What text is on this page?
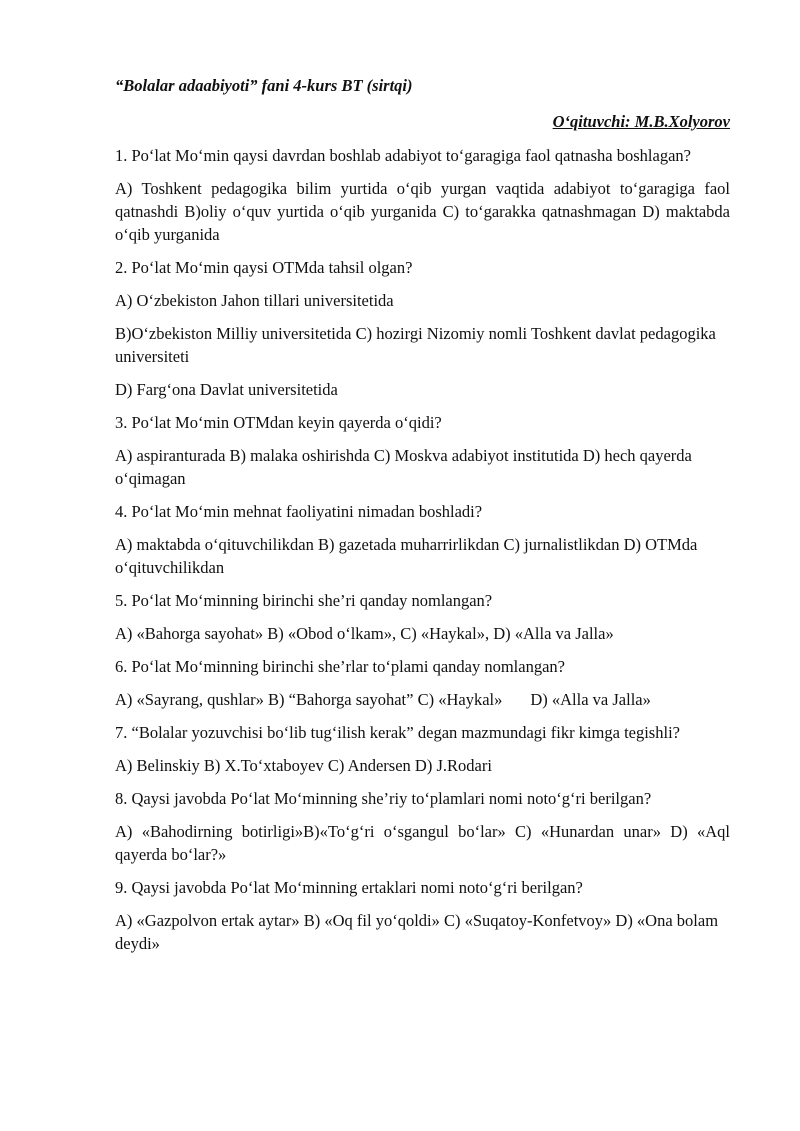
“Bolalar adaabiyoti” fani 4-kurs BT (sirtqi)

O‘qituvchi: M.B.Xolyorov

1. Po‘lat Mo‘min qaysi davrdan boshlab adabiyot to‘garagiga faol qatnasha boshlagan?

A) Toshkent pedagogika bilim yurtida o‘qib yurgan vaqtida adabiyot to‘garagiga faol qatnashdi B)oliy o‘quv yurtida o‘qib yurganida C) to‘garakka qatnashmagan D) maktabda o‘qib yurganida

2. Po‘lat Mo‘min qaysi OTMda tahsil olgan?

A) O‘zbekiston Jahon tillari universitetida

B)O‘zbekiston Milliy universitetida C) hozirgi Nizomiy nomli Toshkent davlat pedagogika universiteti

D) Farg‘ona Davlat universitetida

3. Po‘lat Mo‘min OTMdan keyin qayerda o‘qidi?

A) aspiranturada B) malaka oshirishda C) Moskva adabiyot institutida D) hech qayerda o‘qimagan

4. Po‘lat Mo‘min mehnat faoliyatini nimadan boshladi?

A) maktabda o‘qituvchilikdan B) gazetada muharrirlikdan C) jurnalistlikdan D) OTMda o‘qituvchilikdan

5. Po‘lat Mo‘minning birinchi she’ri qanday nomlangan?

A) «Bahorga sayohat» B) «Obod o‘lkam», C) «Haykal», D) «Alla va Jalla»

6. Po‘lat Mo‘minning birinchi she’rlar to‘plami qanday nomlangan?

A) «Sayrang, qushlar» B) “Bahorga sayohat” C) «Haykal» D) «Alla va Jalla»

7. “Bolalar yozuvchisi bo‘lib tug‘ilish kerak” degan mazmundagi fikr kimga tegishli?

A) Belinskiy B) X.To‘xtaboyev C) Andersen D) J.Rodari

8. Qaysi javobda Po‘lat Mo‘minning she’riy to‘plamlari nomi noto‘g‘ri berilgan?

A) «Bahodirning botirligi»B)«To‘g‘ri o‘sgangul bo‘lar» C) «Hunardan unar» D) «Aql qayerda bo‘lar?»

9. Qaysi javobda Po‘lat Mo‘minning ertaklari nomi noto‘g‘ri berilgan?

A) «Gazpolvon ertak aytar» B) «Oq fil yo‘qoldi» C) «Suqatoy-Konfetvoy» D) «Ona bolam deydi»
